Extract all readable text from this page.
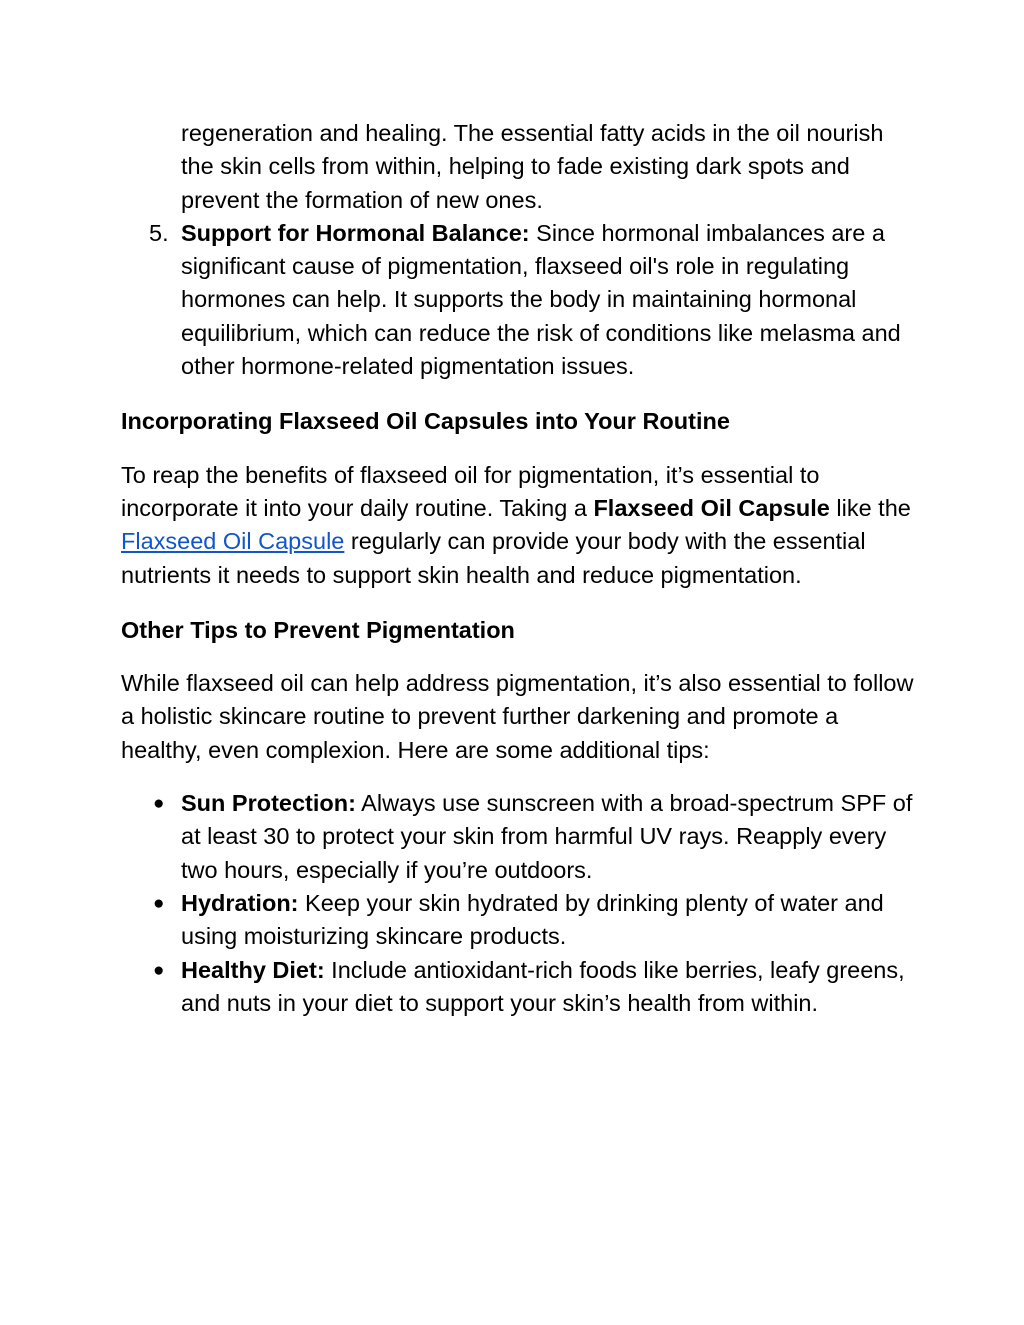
regeneration and healing. The essential fatty acids in the oil nourish the skin cells from within, helping to fade existing dark spots and prevent the formation of new ones.
5. Support for Hormonal Balance: Since hormonal imbalances are a significant cause of pigmentation, flaxseed oil's role in regulating hormones can help. It supports the body in maintaining hormonal equilibrium, which can reduce the risk of conditions like melasma and other hormone-related pigmentation issues.
Incorporating Flaxseed Oil Capsules into Your Routine

To reap the benefits of flaxseed oil for pigmentation, it’s essential to incorporate it into your daily routine. Taking a Flaxseed Oil Capsule like the Flaxseed Oil Capsule regularly can provide your body with the essential nutrients it needs to support skin health and reduce pigmentation.

Other Tips to Prevent Pigmentation

While flaxseed oil can help address pigmentation, it’s also essential to follow a holistic skincare routine to prevent further darkening and promote a healthy, even complexion. Here are some additional tips:

● Sun Protection: Always use sunscreen with a broad-spectrum SPF of at least 30 to protect your skin from harmful UV rays. Reapply every two hours, especially if you’re outdoors.
● Hydration: Keep your skin hydrated by drinking plenty of water and using moisturizing skincare products.
● Healthy Diet: Include antioxidant-rich foods like berries, leafy greens, and nuts in your diet to support your skin’s health from within.
